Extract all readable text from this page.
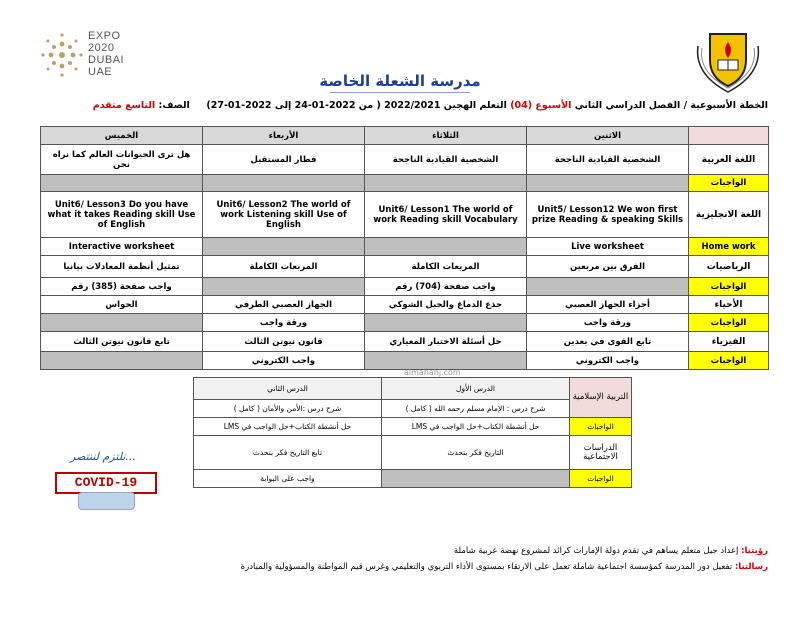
EXPO
2020
DUBAI
UAE	مدرسة الشعلة الخاصة
الخطة الأسبوعية / الفصل الدراسي الثاني الأسبوع (04) التعلم الهجين 2022/2021 ( من 2022-01-24 إلى 2022-01-27)     الصف: التاسع متقدم
	الاثنين	الثلاثاء	الأربعاء	الخميس
اللغة العربية	الشخصية القيادية الناجحة	الشخصية القيادية الناجحة	قطار المستقبل	هل ترى الحيوانات العالم كما نراه نحن
الواجبات				
اللغة الانجليزية	Unit5/ Lesson12 We won first prize Reading & speaking Skills	Unit6/ Lesson1 The world of work Reading skill Vocabulary	Unit6/ Lesson2 The world of work Listening skill Use of English	Unit6/ Lesson3 Do you have what it takes Reading skill Use of English
Home work	Live worksheet			Interactive worksheet
الرياضيات	الفرق بين مربعين	المربعات الكاملة	المربعات الكاملة	تمثيل أنظمة المعادلات بيانيا
الواجبات		واجب صفحة (704) رقم		واجب صفحة (385) رقم
الأحياء	أجزاء الجهاز العصبي	جذع الدماغ والحبل الشوكي	الجهاز العصبي الطرفي	الحواس
الواجبات	ورقة واجب		ورقة واجب	
الفيزياء	تابع القوى في بعدين	حل أسئلة الاختبار المعياري	قانون نيوتن الثالث	تابع قانون نيوتن الثالث
الواجبات	واجب الكتروني		واجب الكتروني	
almanahj.com
التربية الإسلامية	الدرس الأول	الدرس الثاني
	شرح درس : الإمام مسلم رحمه الله ( كامل )	شرح درس :الأمن والأمان ( كامل )
الواجبات	حل أنشطة الكتاب+حل الواجب في LMS	حل أنشطة الكتاب+حل الواجب في LMS
الدراسات الاجتماعية	التاريخ فكر بتحدث	تابع التاريخ فكر بتحدث
الواجبات		واجب على البوابة
نلتزم لننتصر...
COVID-19
رؤيتنا: إعداد جيل متعلم يساهم في تقدم دولة الإمارات كرائد لمشروع نهضة عربية شاملة
رسالتنا: تفعيل دور المدرسة كمؤسسة اجتماعية شاملة تعمل على الارتقاء بمستوى الأداء التربوي والتعليمي وغرس قيم المواطنة والمسؤولية والمبادرة
